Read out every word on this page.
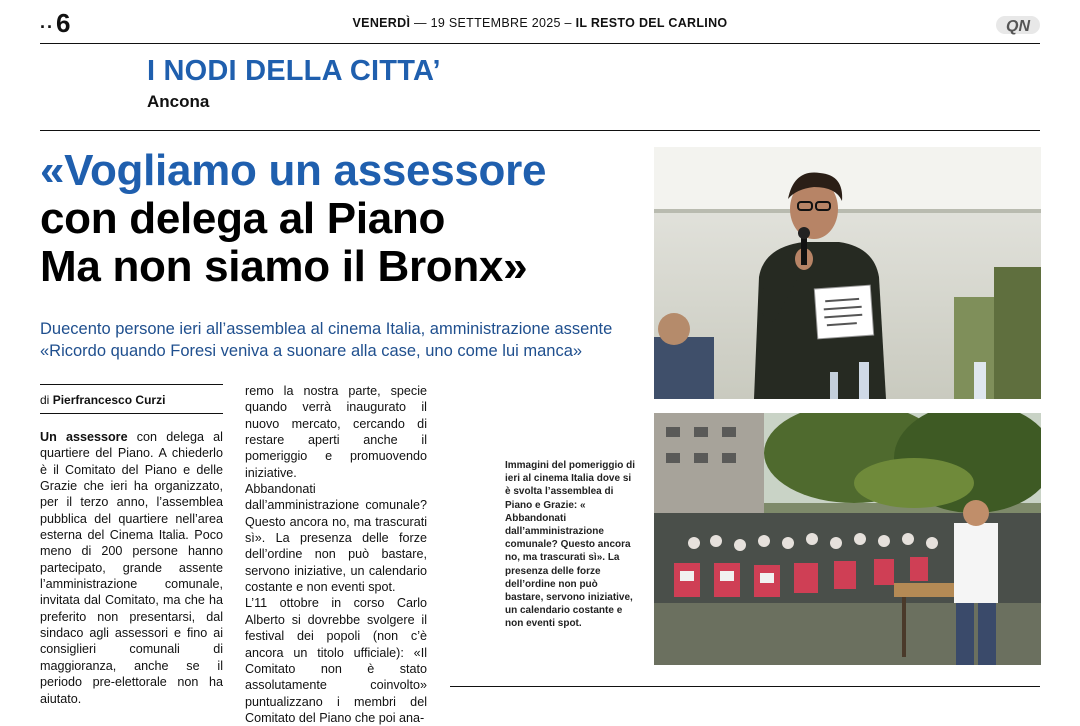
..6	VENERDÌ — 19 SETTEMBRE 2025 – IL RESTO DEL CARLINO	QN
I NODI DELLA CITTA’
Ancona
«Vogliamo un assessore
con delega al Piano
Ma non siamo il Bronx»
Duecento persone ieri all’assemblea al cinema Italia, amministrazione assente
«Ricordo quando Foresi veniva a suonare alla case, uno come lui manca»
di Pierfrancesco Curzi

Un assessore con delega al quartiere del Piano. A chiederlo è il Comitato del Piano e delle Grazie che ieri ha organizzato, per il terzo anno, l’assemblea pubblica del quartiere nell’area esterna del Cinema Italia. Poco meno di 200 persone hanno partecipato, grande assente l’amministrazione comunale, invitata dal Comitato, ma che ha preferito non presentarsi, dal sindaco agli assessori e fino ai consiglieri comunali di maggioranza, anche se il periodo pre-elettorale non ha aiutato.

remo la nostra parte, specie quando verrà inaugurato il nuovo mercato, cercando di restare aperti anche il pomeriggio e promuovendo iniziative.

Abbandonati dall’amministrazione comunale? Questo ancora no, ma trascurati sì». La presenza delle forze dell’ordine non può bastare, servono iniziative, un calendario costante e non eventi spot.

L’11 ottobre in corso Carlo Alberto si dovrebbe svolgere il festival dei popoli (non c’è ancora un titolo ufficiale): «Il Comitato non è stato assolutamente coinvolto» puntualizzano i membri del Comitato del Piano che poi ana-

Immagini del pomeriggio di ieri al cinema Italia dove si è svolta l’assemblea di Piano e Grazie: « Abbandonati dall’amministrazione comunale? Questo ancora no, ma trascurati sì». La presenza delle forze dell’ordine non può bastare, servono iniziative, un calendario costante e non eventi spot.
